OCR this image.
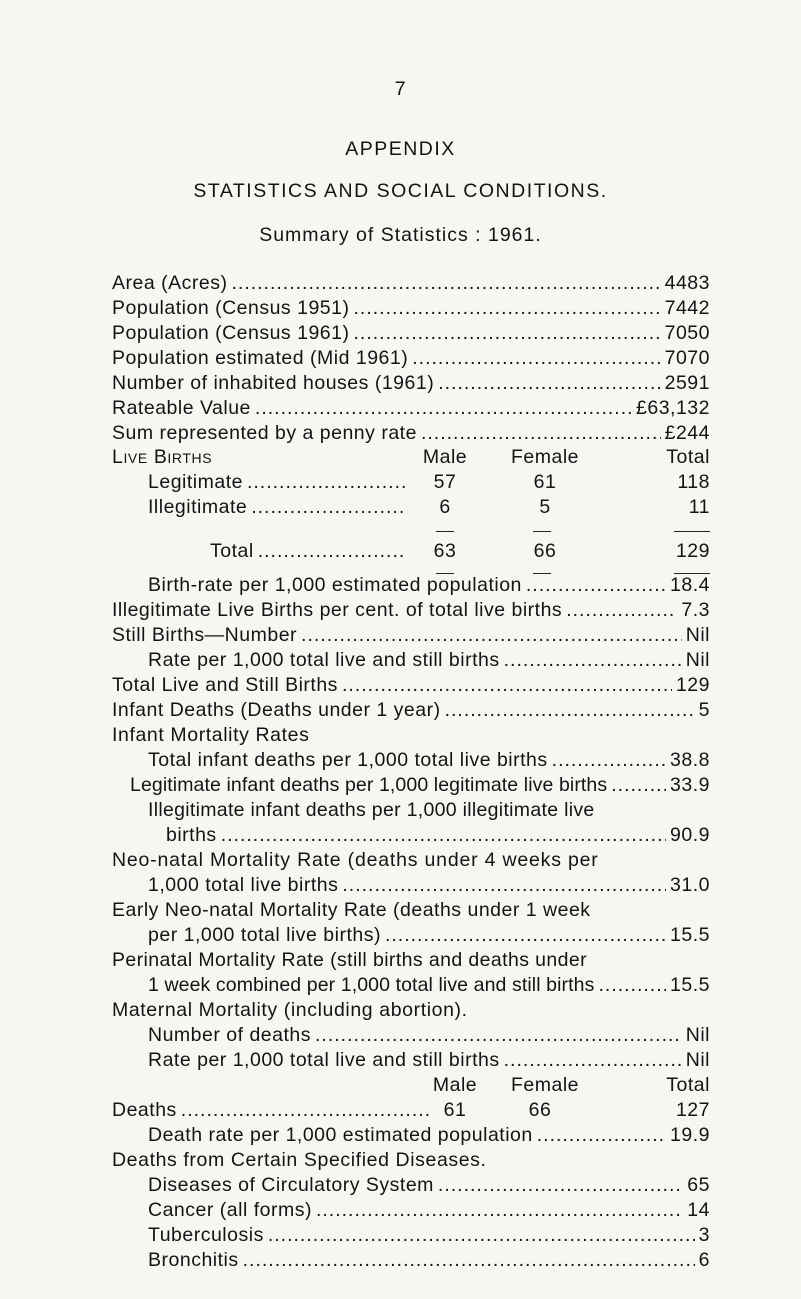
7
APPENDIX
STATISTICS AND SOCIAL CONDITIONS.
Summary of Statistics : 1961.
Area (Acres) .....	4483
Population (Census 1951) .....	7442
Population (Census 1961) .....	7050
Population estimated (Mid 1961) .....	7070
Number of inhabited houses (1961) .....	2591
Rateable Value .....	£63,132
Sum represented by a penny rate .....	£244
Live Births	Male	Female	Total
Legitimate .....	57	61	118
Illegitimate .....	6	5	11
Total .....	63	66	129
Birth-rate per 1,000 estimated population .....	18.4
Illegitimate Live Births per cent. of total live births .....	7.3
Still Births—Number .....	Nil
Rate per 1,000 total live and still births .....	Nil
Total Live and Still Births .....	129
Infant Deaths (Deaths under 1 year) .....	5
Infant Mortality Rates
Total infant deaths per 1,000 total live births .....	38.8
Legitimate infant deaths per 1,000 legitimate live births .....	33.9
Illegitimate infant deaths per 1,000 illegitimate live
births .....	90.9
Neo-natal Mortality Rate (deaths under 4 weeks per
1,000 total live births .....	31.0
Early Neo-natal Mortality Rate (deaths under 1 week
per 1,000 total live births) .....	15.5
Perinatal Mortality Rate (still births and deaths under
1 week combined per 1,000 total live and still births .....	15.5
Maternal Mortality (including abortion).
Number of deaths .....	Nil
Rate per 1,000 total live and still births .....	Nil
Male	Female	Total
Deaths .....	61	66	127
Death rate per 1,000 estimated population .....	19.9
Deaths from Certain Specified Diseases.
Diseases of Circulatory System .....	65
Cancer (all forms) .....	14
Tuberculosis .....	3
Bronchitis .....	6
